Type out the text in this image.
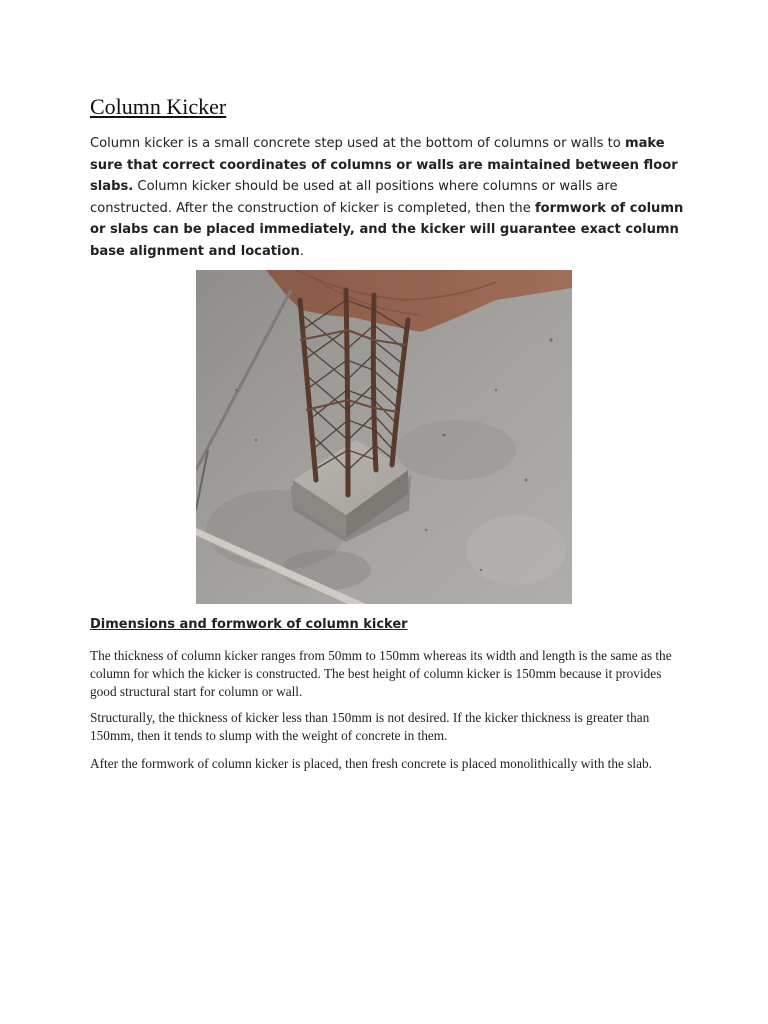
Column Kicker

Column kicker is a small concrete step used at the bottom of columns or walls to make sure that correct coordinates of columns or walls are maintained between floor slabs. Column kicker should be used at all positions where columns or walls are constructed. After the construction of kicker is completed, then the formwork of column or slabs can be placed immediately, and the kicker will guarantee exact column base alignment and location.

Dimensions and formwork of column kicker

The thickness of column kicker ranges from 50mm to 150mm whereas its width and length is the same as the column for which the kicker is constructed. The best height of column kicker is 150mm because it provides good structural start for column or wall.

Structurally, the thickness of kicker less than 150mm is not desired. If the kicker thickness is greater than 150mm, then it tends to slump with the weight of concrete in them.

After the formwork of column kicker is placed, then fresh concrete is placed monolithically with the slab.
